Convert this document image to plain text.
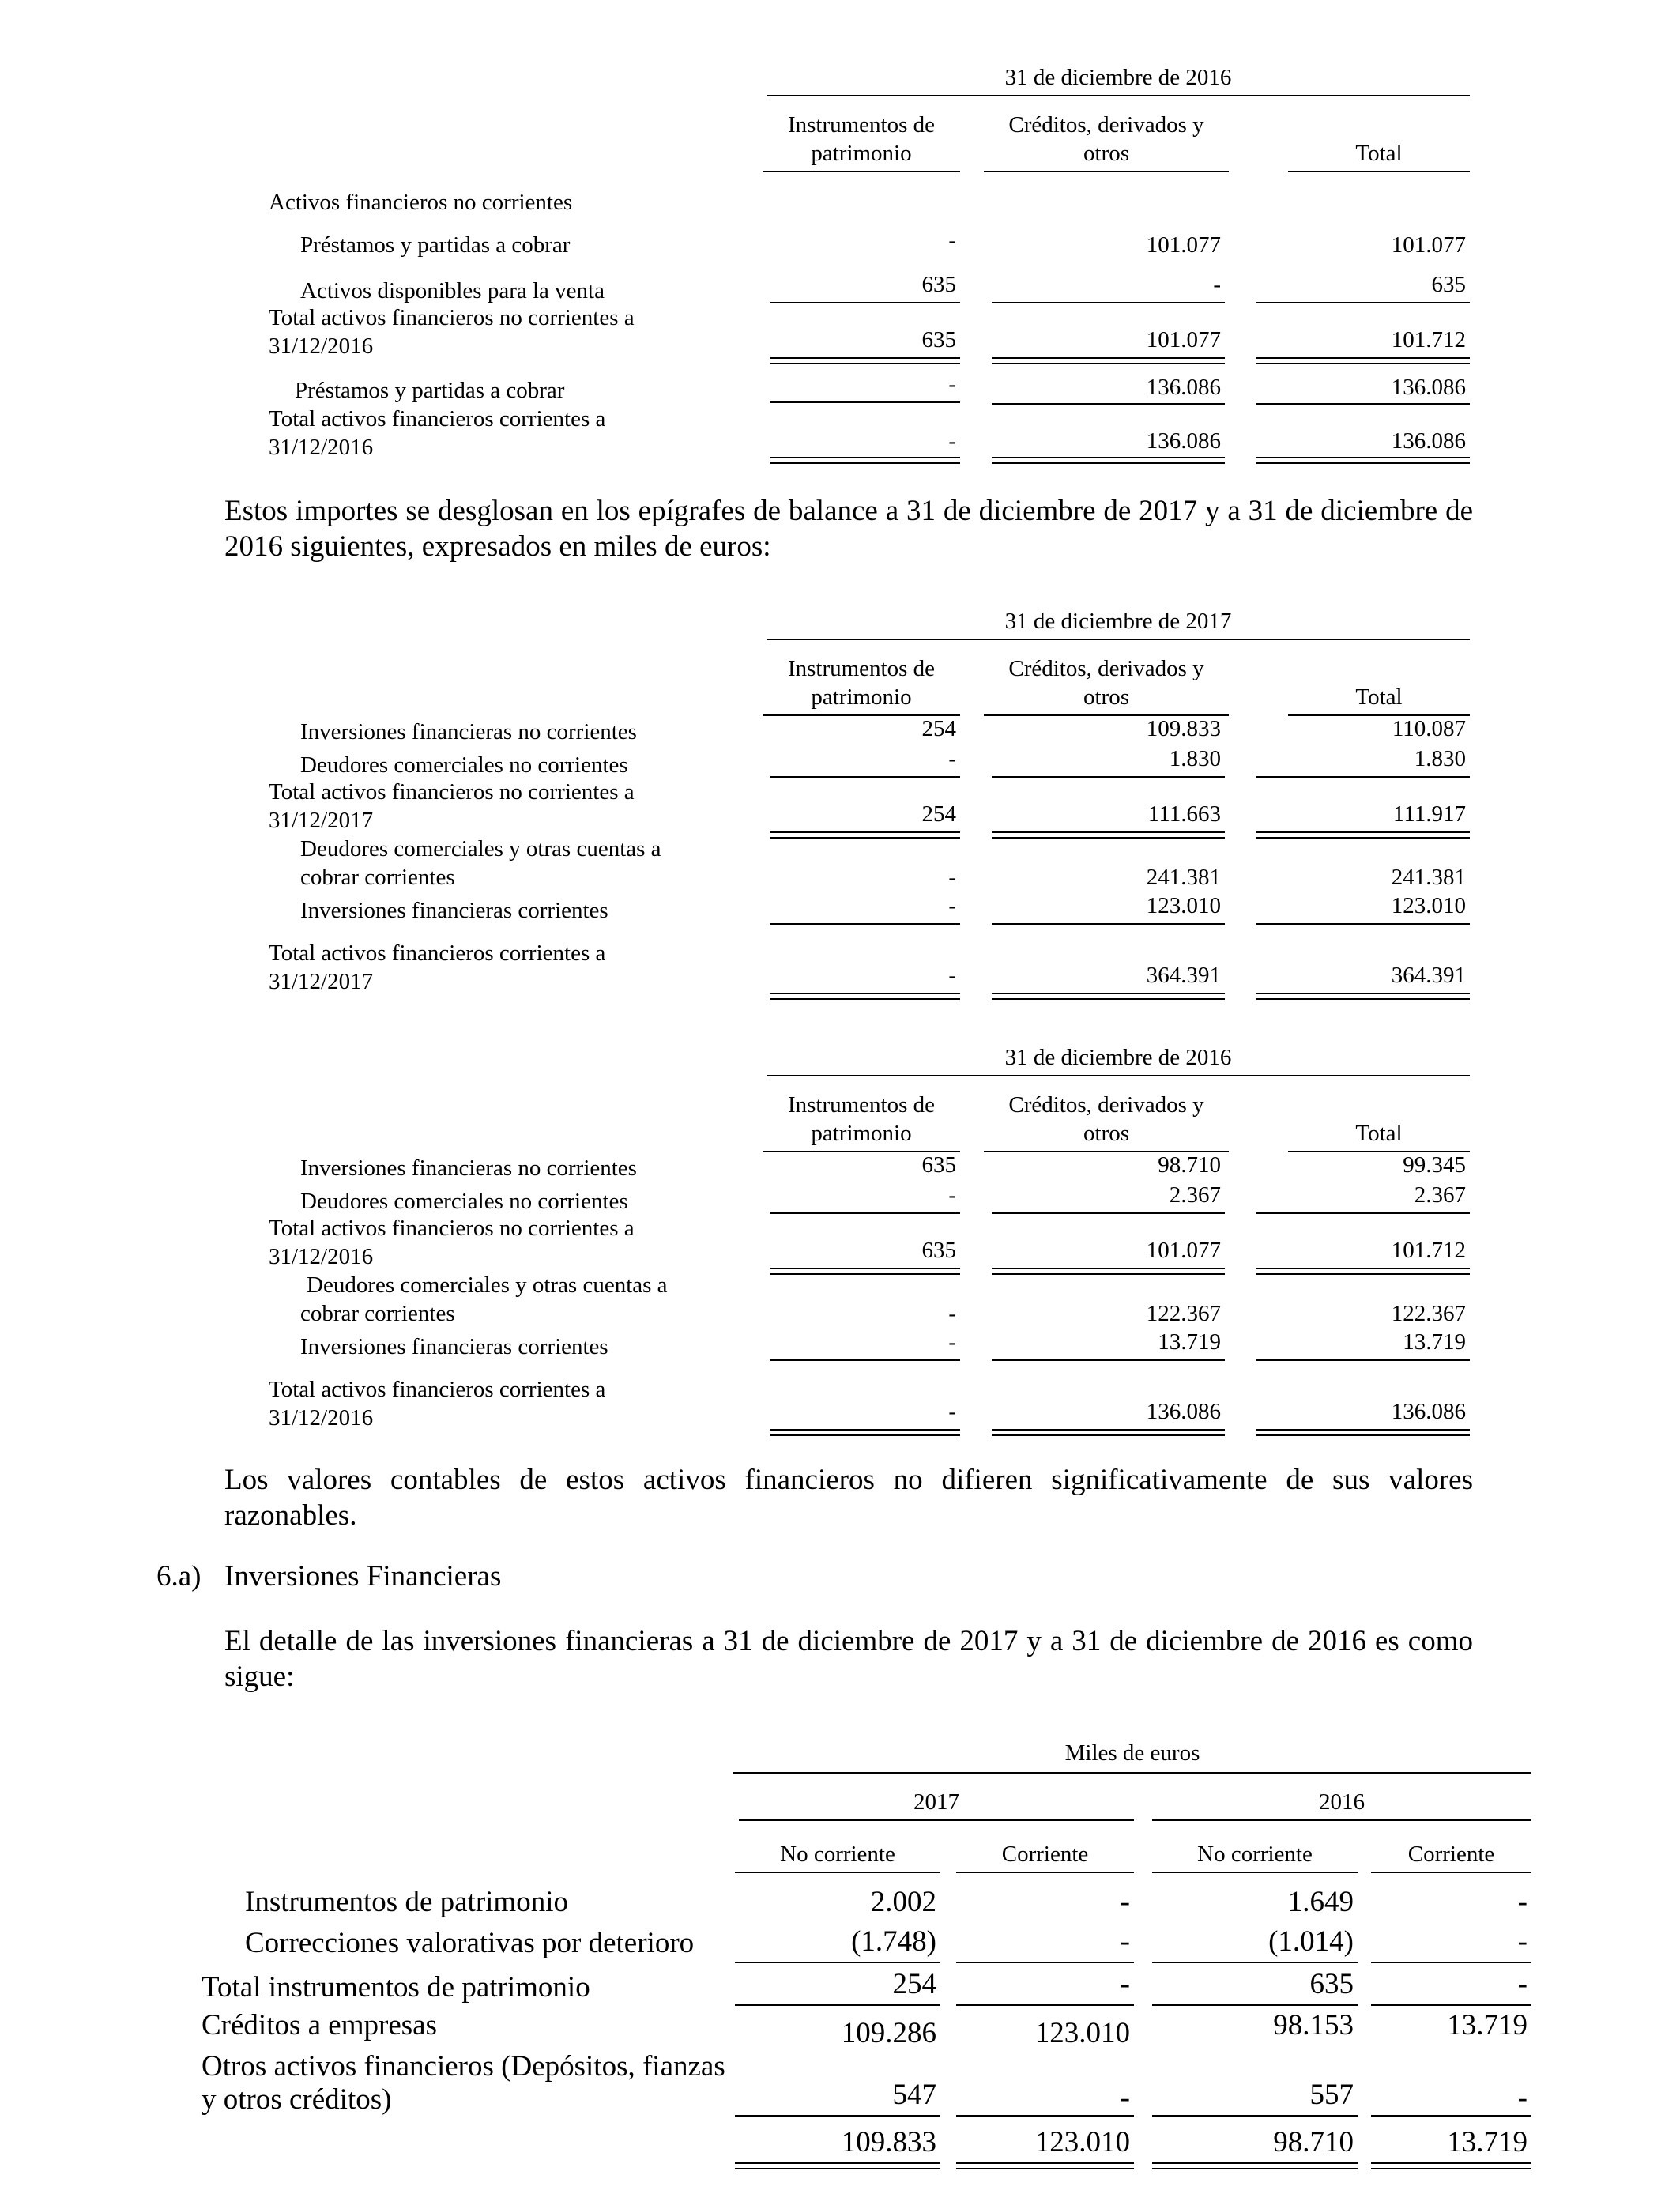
31 de diciembre de 2016
Instrumentos de
patrimonio
Créditos, derivados y
otros	Total
Activos financieros no corrientes
Préstamos y partidas a cobrar	-	101.077	101.077
Activos disponibles para la venta	635	-	635
Total activos financieros no corrientes a
31/12/2016	635	101.077	101.712
Préstamos y partidas a cobrar	-	136.086	136.086
Total activos financieros corrientes a
31/12/2016	-	136.086	136.086
Estos importes se desglosan en los epígrafes de balance a 31 de diciembre de 2017 y a 31 de diciembre de 2016 siguientes, expresados en miles de euros:
31 de diciembre de 2017
Instrumentos de
patrimonio
Créditos, derivados y
otros	Total
Inversiones financieras no corrientes	254	109.833	110.087
Deudores comerciales no corrientes	-	1.830	1.830
Total activos financieros no corrientes a
31/12/2017	254	111.663	111.917
Deudores comerciales y otras cuentas a
cobrar corrientes	-	241.381	241.381
Inversiones financieras corrientes	-	123.010	123.010
Total activos financieros corrientes a
31/12/2017	-	364.391	364.391
31 de diciembre de 2016
Instrumentos de
patrimonio
Créditos, derivados y
otros	Total
Inversiones financieras no corrientes	635	98.710	99.345
Deudores comerciales no corrientes	-	2.367	2.367
Total activos financieros no corrientes a
31/12/2016	635	101.077	101.712
Deudores comerciales y otras cuentas a
cobrar corrientes	-	122.367	122.367
Inversiones financieras corrientes	-	13.719	13.719
Total activos financieros corrientes a
31/12/2016	-	136.086	136.086
Los valores contables de estos activos financieros no difieren significativamente de sus valores razonables.
6.a) Inversiones Financieras
El detalle de las inversiones financieras a 31 de diciembre de 2017 y a 31 de diciembre de 2016 es como sigue:
Miles de euros
2017	2016
No corriente	Corriente	No corriente	Corriente
Instrumentos de patrimonio	2.002	-	1.649	-
Correcciones valorativas por deterioro	(1.748)	-	(1.014)	-
Total instrumentos de patrimonio	254	-	635	-
Créditos a empresas	109.286	123.010	98.153	13.719
Otros activos financieros (Depósitos, fianzas
y otros créditos)	547	-	557	-
109.833	123.010	98.710	13.719
